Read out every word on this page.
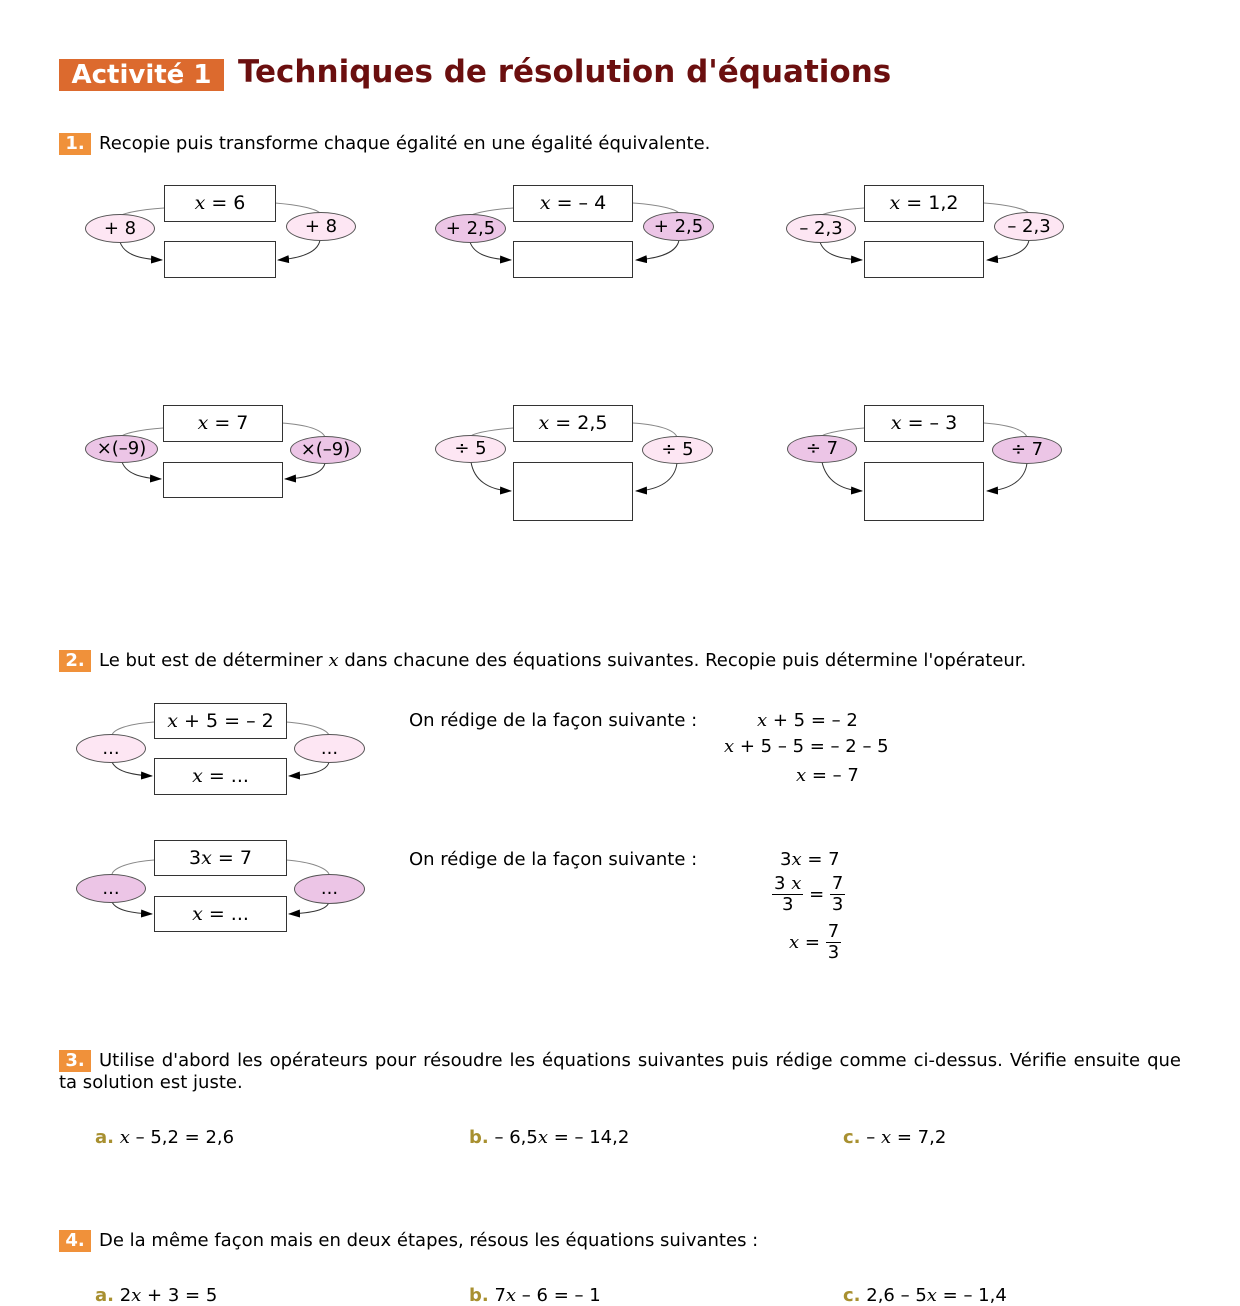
Activité 1 Techniques de résolution d'équations
1. Recopie puis transforme chaque égalité en une égalité équivalente.
x = 6
+ 8	+ 8
x = – 4
+ 2,5	+ 2,5
x = 1,2
– 2,3	– 2,3
x = 7
×(–9)	×(–9)
x = 2,5
÷ 5	÷ 5
x = – 3
÷ 7	÷ 7
2. Le but est de déterminer x dans chacune des équations suivantes. Recopie puis détermine l'opérateur.
x + 5 = – 2
x = ...
...	...
On rédige de la façon suivante :	x + 5 = – 2
x + 5 – 5 = – 2 – 5
x = – 7
3x = 7
x = ...
...	...
On rédige de la façon suivante :	3x = 7
$\frac{3 x}{3} = \frac{7}{3}$
$x = \frac{7}{3}$
3. Utilise d'abord les opérateurs pour résoudre les équations suivantes puis rédige comme ci-dessus. Vérifie ensuite que ta solution est juste.
a. x – 5,2 = 2,6	b. – 6,5x = – 14,2	c. – x = 7,2
4. De la même façon mais en deux étapes, résous les équations suivantes :
a. 2x + 3 = 5	b. 7x – 6 = – 1	c. 2,6 – 5x = – 1,4
